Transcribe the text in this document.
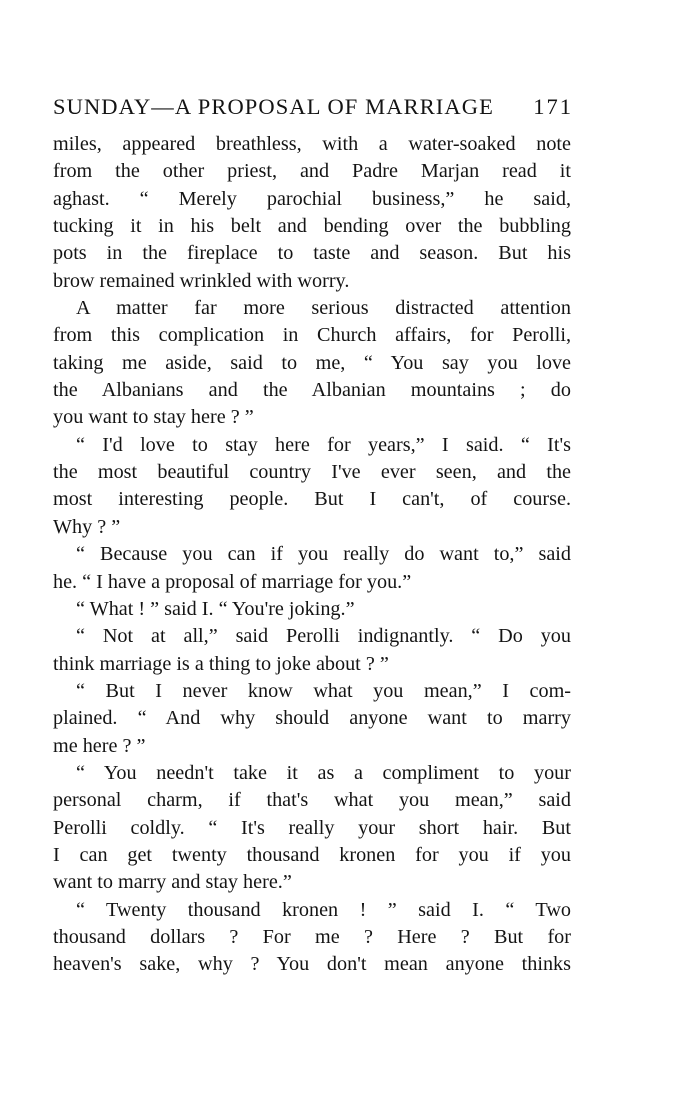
SUNDAY—A PROPOSAL OF MARRIAGE 171
miles, appeared breathless, with a water-soaked note
from the other priest, and Padre Marjan read it
aghast. “ Merely parochial business,” he said,
tucking it in his belt and bending over the bubbling
pots in the fireplace to taste and season. But his
brow remained wrinkled with worry.
A matter far more serious distracted attention
from this complication in Church affairs, for Perolli,
taking me aside, said to me, “ You say you love
the Albanians and the Albanian mountains ; do
you want to stay here ? ”
“ I'd love to stay here for years,” I said. “ It's
the most beautiful country I've ever seen, and the
most interesting people. But I can't, of course.
Why ? ”
“ Because you can if you really do want to,” said
he. “ I have a proposal of marriage for you.”
“ What ! ” said I. “ You're joking.”
“ Not at all,” said Perolli indignantly. “ Do you
think marriage is a thing to joke about ? ”
“ But I never know what you mean,” I com-
plained. “ And why should anyone want to marry
me here ? ”
“ You needn't take it as a compliment to your
personal charm, if that's what you mean,” said
Perolli coldly. “ It's really your short hair. But
I can get twenty thousand kronen for you if you
want to marry and stay here.”
“ Twenty thousand kronen ! ” said I. “ Two
thousand dollars ? For me ? Here ? But for
heaven's sake, why ? You don't mean anyone thinks
